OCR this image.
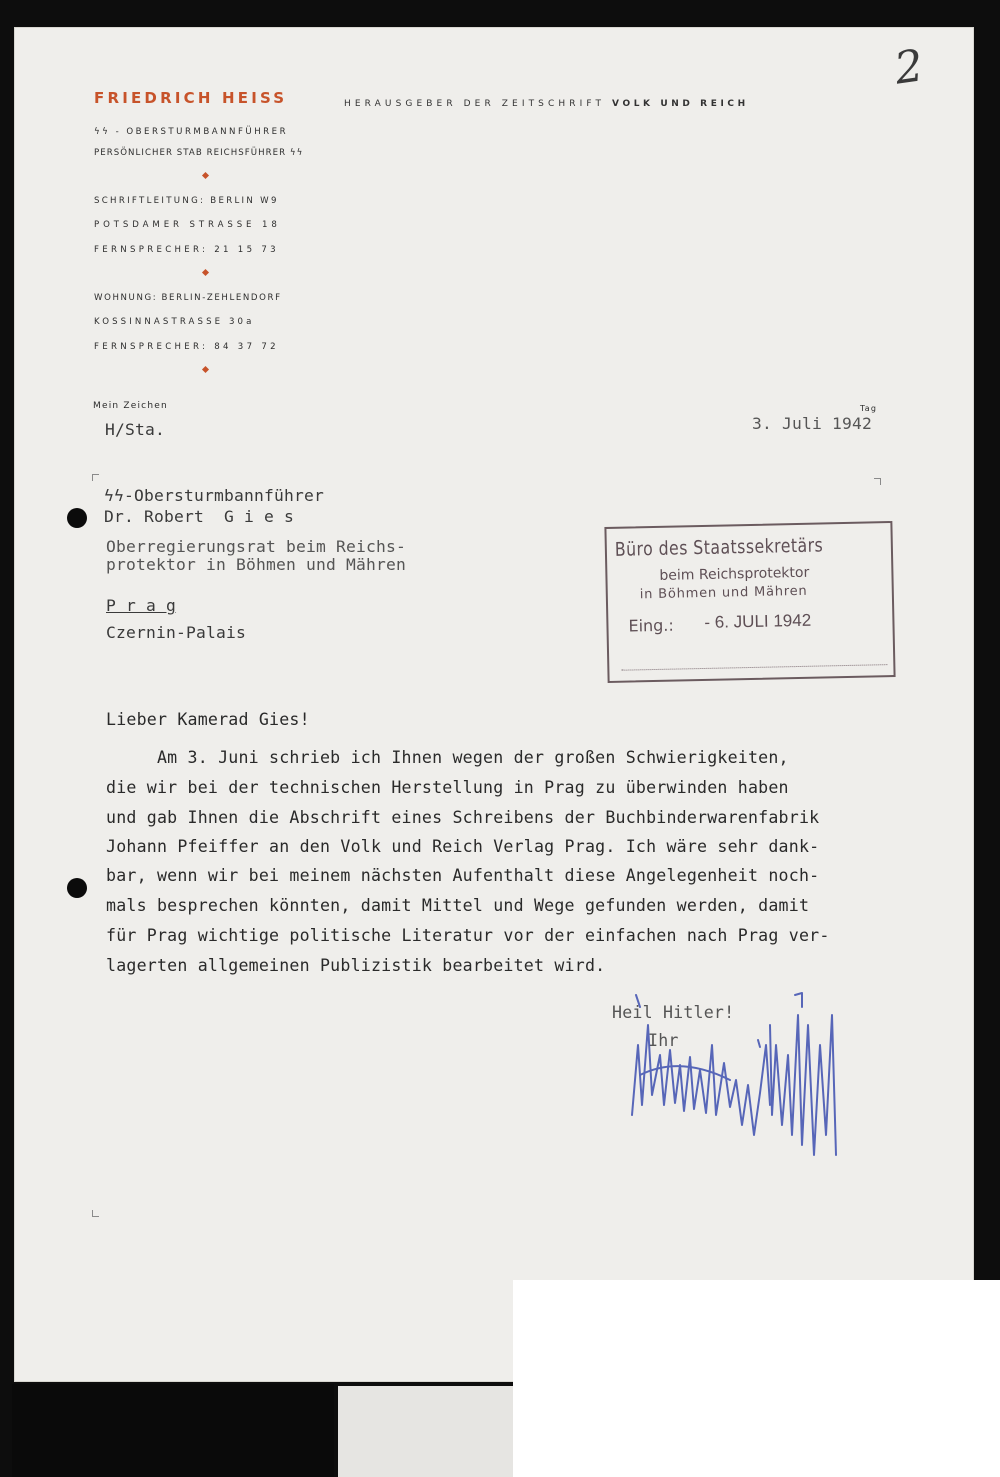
2
FRIEDRICH HEISS	HERAUSGEBER DER ZEITSCHRIFT VOLK UND REICH
ϟϟ - OBERSTURMBANNFÜHRER
PERSÖNLICHER STAB REICHSFÜHRER ϟϟ
SCHRIFTLEITUNG: BERLIN W9
POTSDAMER STRASSE 18
FERNSPRECHER: 21 15 73
WOHNUNG: BERLIN-ZEHLENDORF
KOSSINNASTRASSE 30a
FERNSPRECHER: 84 37 72
Mein Zeichen
H/Sta.
Tag
3. Juli 1942
ϟϟ-Obersturmbannführer
Dr. Robert  G i e s
Oberregierungsrat beim Reichs-
protektor in Böhmen und Mähren
P r a g
Czernin-Palais
Büro des Staatssekretärs
beim Reichsprotektor
in Böhmen und Mähren
Eing.: - 6. JULI 1942
Lieber Kamerad Gies!
Am 3. Juni schrieb ich Ihnen wegen der großen Schwierigkeiten,
die wir bei der technischen Herstellung in Prag zu überwinden haben
und gab Ihnen die Abschrift eines Schreibens der Buchbinderwarenfabrik
Johann Pfeiffer an den Volk und Reich Verlag Prag. Ich wäre sehr dank-
bar, wenn wir bei meinem nächsten Aufenthalt diese Angelegenheit noch-
mals besprechen könnten, damit Mittel und Wege gefunden werden, damit
für Prag wichtige politische Literatur vor der einfachen nach Prag ver-
lagerten allgemeinen Publizistik bearbeitet wird.
Heil Hitler!
Ihr
